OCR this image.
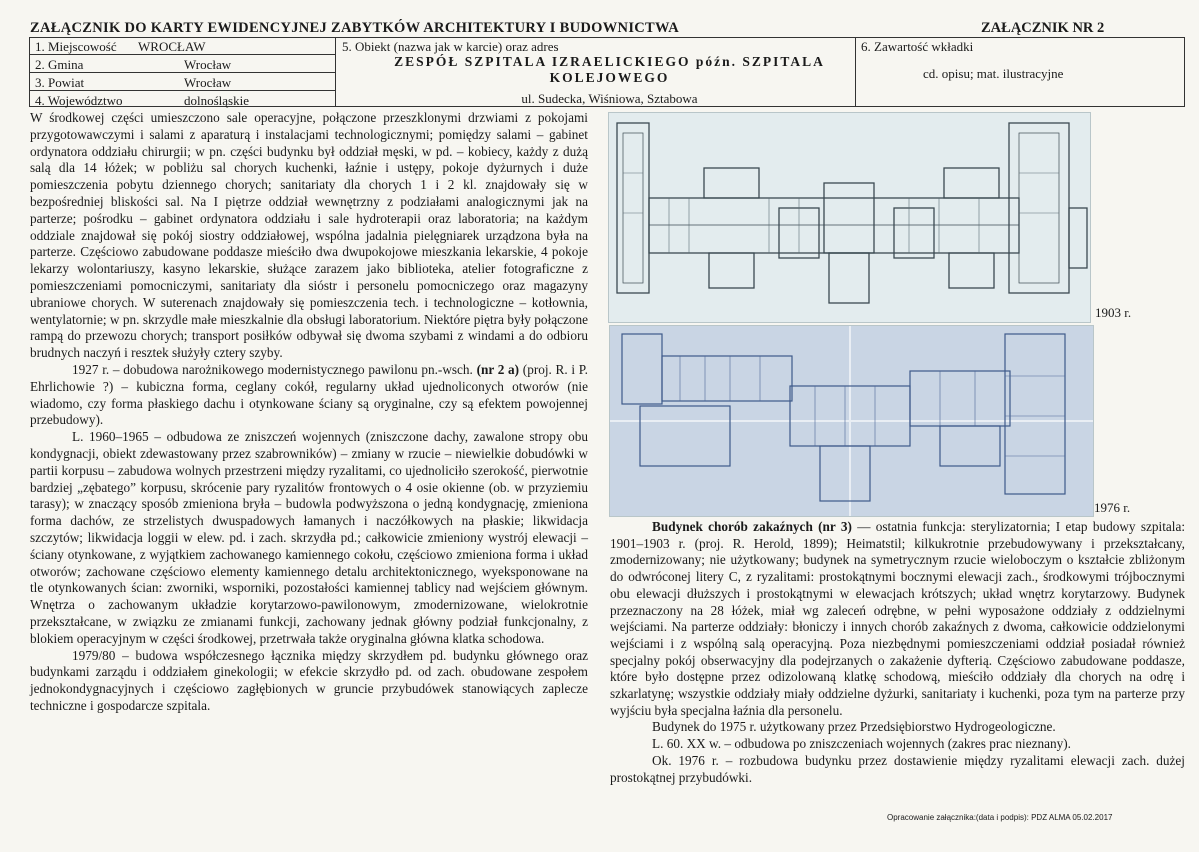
ZAŁĄCZNIK DO KARTY EWIDENCYJNEJ ZABYTKÓW ARCHITEKTURY I BUDOWNICTWA	ZAŁĄCZNIK NR 2
1. Miejscowość WROCŁAW
2. Gmina	Wrocław
3. Powiat	Wrocław
4. Województwo	dolnośląskie
5. Obiekt (nazwa jak w karcie) oraz adres
ZESPÓŁ SZPITALA IZRAELICKIEGO późn. SZPITALA
KOLEJOWEGO
ul. Sudecka, Wiśniowa, Sztabowa
6. Zawartość wkładki
cd. opisu; mat. ilustracyjne

W środkowej części umieszczono sale operacyjne, połączone przeszklonymi drzwiami z pokojami przygotowawczymi i salami z aparaturą i instalacjami technologicznymi; pomiędzy salami – gabinet ordynatora oddziału chirurgii; w pn. części budynku był oddział męski, w pd. – kobiecy, każdy z dużą salą dla 14 łóżek; w pobliżu sal chorych kuchenki, łaźnie i ustępy, pokoje dyżurnych i duże pomieszczenia pobytu dziennego chorych; sanitariaty dla chorych 1 i 2 kl. znajdowały się w bezpośredniej bliskości sal. Na I piętrze oddział wewnętrzny z podziałami analogicznymi jak na parterze; pośrodku – gabinet ordynatora oddziału i sale hydroterapii oraz laboratoria; na każdym oddziale znajdował się pokój siostry oddziałowej, wspólna jadalnia pielęgniarek urządzona była na parterze. Częściowo zabudowane poddasze mieściło dwa dwupokojowe mieszkania lekarskie, 4 pokoje lekarzy wolontariuszy, kasyno lekarskie, służące zarazem jako biblioteka, atelier fotograficzne z pomieszczeniami pomocniczymi, sanitariaty dla sióstr i personelu pomocniczego oraz magazyny ubraniowe chorych. W suterenach znajdowały się pomieszczenia tech. i technologiczne – kotłownia, wentylatornie; w pn. skrzydle małe mieszkalnie dla obsługi laboratorium. Niektóre piętra były połączone rampą do przewozu chorych; transport posiłków odbywał się dwoma szybami z windami a do odbioru brudnych naczyń i resztek służyły cztery szyby.

1927 r. – dobudowa narożnikowego modernistycznego pawilonu pn.-wsch. (nr 2 a) (proj. R. i P. Ehrlichowie ?) – kubiczna forma, ceglany cokół, regularny układ ujednoliconych otworów (nie wiadomo, czy forma płaskiego dachu i otynkowane ściany są oryginalne, czy są efektem powojennej przebudowy).

L. 1960–1965 – odbudowa ze zniszczeń wojennych (zniszczone dachy, zawalone stropy obu kondygnacji, obiekt zdewastowany przez szabrowników) – zmiany w rzucie – niewielkie dobudówki w partii korpusu – zabudowa wolnych przestrzeni między ryzalitami, co ujednoliciło szerokość, pierwotnie bardziej „zębatego” korpusu, skrócenie pary ryzalitów frontowych o 4 osie okienne (ob. w przyziemiu tarasy); w znaczący sposób zmieniona bryła – budowla podwyższona o jedną kondygnację, zmieniona forma dachów, ze strzelistych dwuspadowych łamanych i naczółkowych na płaskie; likwidacja szczytów; likwidacja loggii w elew. pd. i zach. skrzydła pd.; całkowicie zmieniony wystrój elewacji – ściany otynkowane, z wyjątkiem zachowanego kamiennego cokołu, częściowo zmieniona forma i układ otworów; zachowane częściowo elementy kamiennego detalu architektonicznego, wyeksponowane na tle otynkowanych ścian: zworniki, wsporniki, pozostałości kamiennej tablicy nad wejściem głównym. Wnętrza o zachowanym układzie korytarzowo-pawilonowym, zmodernizowane, wielokrotnie przekształcane, w związku ze zmianami funkcji, zachowany jednak główny podział funkcjonalny, z blokiem operacyjnym w części środkowej, przetrwała także oryginalna główna klatka schodowa.

1979/80 – budowa współczesnego łącznika między skrzydłem pd. budynku głównego oraz budynkami zarządu i oddziałem ginekologii; w efekcie skrzydło pd. od zach. obudowane zespołem jednokondygnacyjnych i częściowo zagłębionych w gruncie przybudówek stanowiących zaplecze techniczne i gospodarcze szpitala.

1903 r.
1976 r.

Budynek chorób zakaźnych (nr 3) — ostatnia funkcja: sterylizatornia; I etap budowy szpitala: 1901–1903 r. (proj. R. Herold, 1899); Heimatstil; kilkukrotnie przebudowywany i przekształcany, zmodernizowany; nie użytkowany; budynek na symetrycznym rzucie wieloboczym o kształcie zbliżonym do odwróconej litery C, z ryzalitami: prostokątnymi bocznymi elewacji zach., środkowymi trójbocznymi obu elewacji dłuższych i prostokątnymi w elewacjach krótszych; układ wnętrz korytarzowy. Budynek przeznaczony na 28 łóżek, miał wg zaleceń odrębne, w pełni wyposażone oddziały z oddzielnymi wejściami. Na parterze oddziały: błoniczy i innych chorób zakaźnych z dwoma, całkowicie oddzielonymi wejściami i z wspólną salą operacyjną. Poza niezbędnymi pomieszczeniami oddział posiadał również specjalny pokój obserwacyjny dla podejrzanych o zakażenie dyfterią. Częściowo zabudowane poddasze, które było dostępne przez odizolowaną klatkę schodową, mieściło oddziały dla chorych na odrę i szkarlatynę; wszystkie oddziały miały oddzielne dyżurki, sanitariaty i kuchenki, poza tym na parterze przy wyjściu była specjalna łaźnia dla personelu.

Budynek do 1975 r. użytkowany przez Przedsiębiorstwo Hydrogeologiczne.

L. 60. XX w. – odbudowa po zniszczeniach wojennych (zakres prac nieznany).

Ok. 1976 r. – rozbudowa budynku przez dostawienie między ryzalitami elewacji zach. dużej prostokątnej przybudówki.

Opracowanie załącznika:(data i podpis): PDZ ALMA 05.02.2017
